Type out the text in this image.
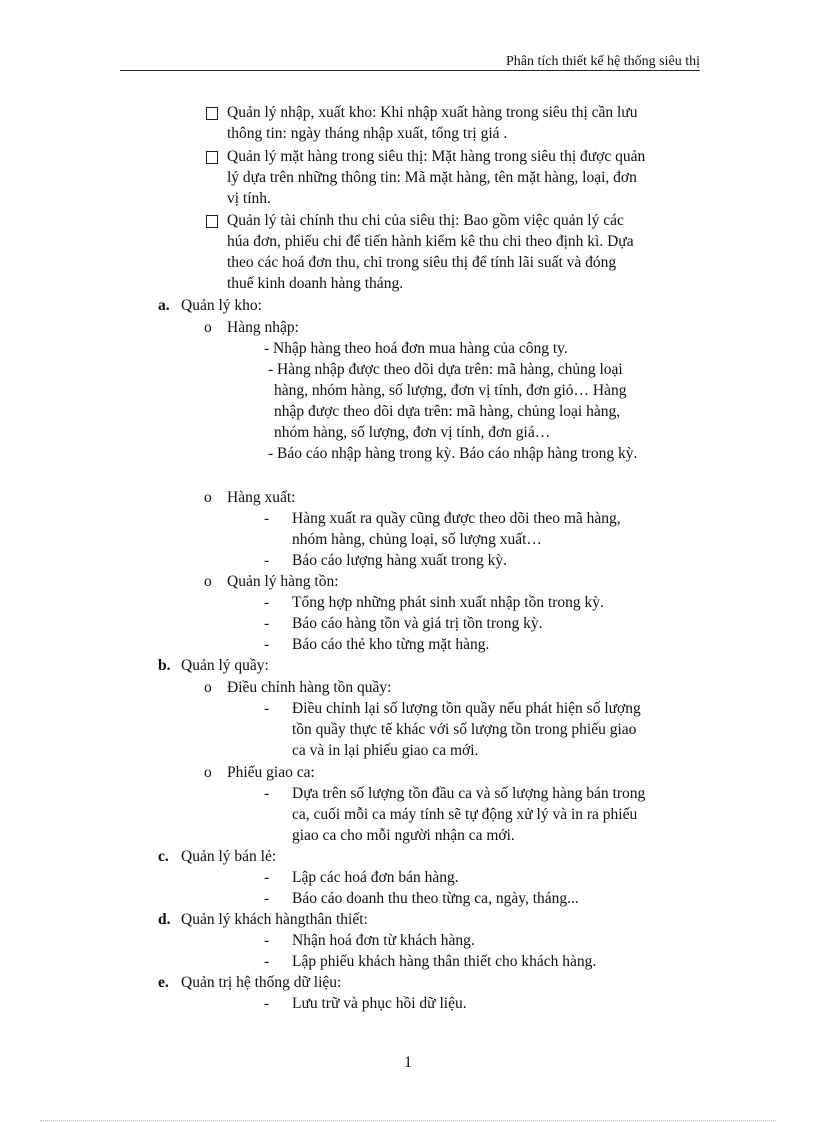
Phân tích thiết kế hệ thống siêu thị
Quản lý nhập, xuất kho: Khi nhập xuất hàng trong siêu thị cần lưu
thông tin: ngày tháng nhập xuất, tổng trị giá .
Quản lý mặt hàng trong siêu thị: Mặt hàng trong siêu thị được quản
lý dựa trên những thông tin: Mã mặt hàng, tên mặt hàng, loại, đơn
vị tính.
Quản lý tài chính thu chi của siêu thị: Bao gồm việc quản lý các
húa đơn, phiếu chi để tiến hành kiểm kê thu chi theo định kì. Dựa
theo các hoá đơn thu, chi trong siêu thị để tính lãi suất và đóng
thuế kinh doanh hàng tháng.
a. Quản lý kho:
o Hàng nhập:
- Nhập hàng theo hoá đơn mua hàng của công ty.
- Hàng nhập được theo dõi dựa trên: mã hàng, chủng loại
hàng, nhóm hàng, số lượng, đơn vị tính, đơn giỏ… Hàng
nhập được theo dõi dựa trên: mã hàng, chủng loại hàng,
nhóm hàng, số lượng, đơn vị tính, đơn giá…
- Báo cáo nhập hàng trong kỳ. Báo cáo nhập hàng trong kỳ.
o Hàng xuất:
- Hàng xuất ra quầy cũng được theo dõi theo mã hàng,
nhóm hàng, chủng loại, số lượng xuất…
- Báo cáo lượng hàng xuất trong kỳ.
o Quản lý hàng tồn:
- Tổng hợp những phát sinh xuất nhập tồn trong kỳ.
- Báo cáo hàng tồn và giá trị tồn trong kỳ.
- Báo cáo thẻ kho từng mặt hàng.
b. Quản lý quầy:
o Điều chỉnh hàng tồn quầy:
- Điều chỉnh lại số lượng tồn quầy nếu phát hiện số lượng
tồn quầy thực tế khác với số lượng tồn trong phiếu giao
ca và in lại phiếu giao ca mới.
o Phiếu giao ca:
- Dựa trên số lượng tồn đầu ca và số lượng hàng bán trong
ca, cuối mỗi ca máy tính sẽ tự động xử lý và in ra phiếu
giao ca cho mỗi người nhận ca mới.
c. Quản lý bán lẻ:
- Lập các hoá đơn bán hàng.
- Báo cáo doanh thu theo từng ca, ngày, tháng...
d. Quản lý khách hàngthân thiết:
- Nhận hoá đơn từ khách hàng.
- Lập phiếu khách hàng thân thiết cho khách hàng.
e. Quản trị hệ thống dữ liệu:
- Lưu trữ và phục hồi dữ liệu.
1
